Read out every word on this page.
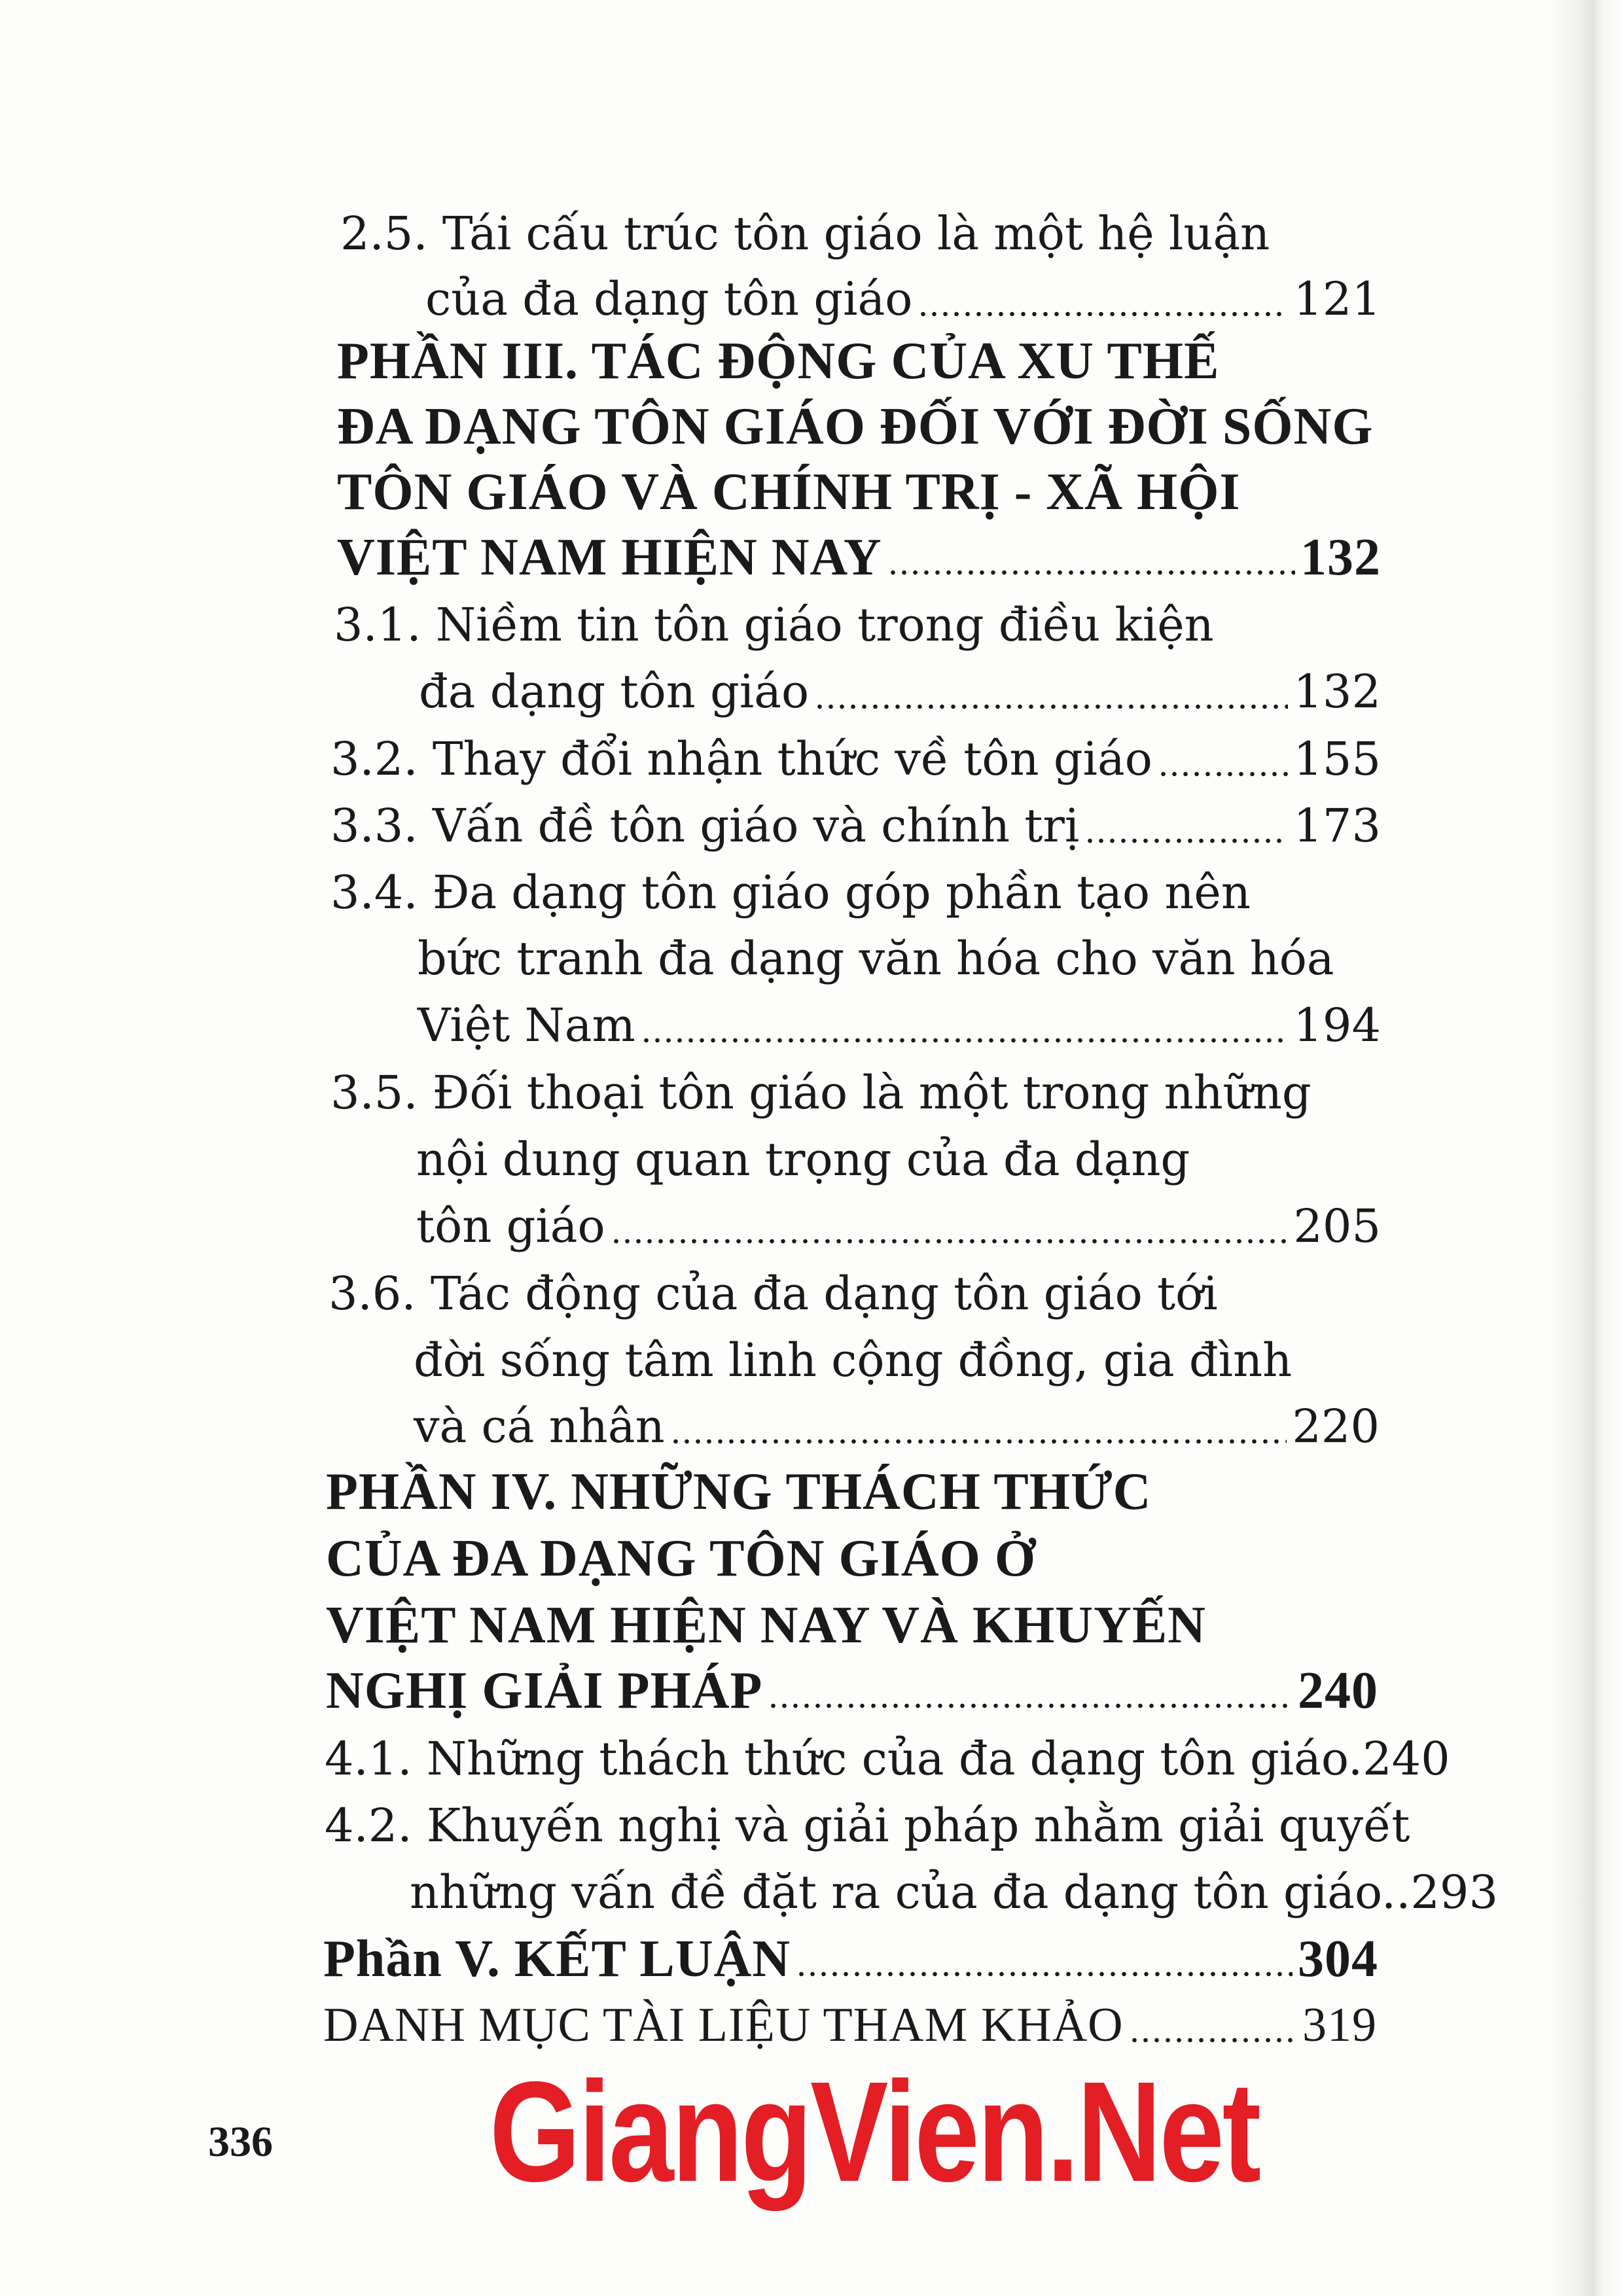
2.5. Tái cấu trúc tôn giáo là một hệ luận
của đa dạng tôn giáo	121
PHẦN III. TÁC ĐỘNG CỦA XU THẾ
ĐA DẠNG TÔN GIÁO ĐỐI VỚI ĐỜI SỐNG
TÔN GIÁO VÀ CHÍNH TRỊ - XÃ HỘI
VIỆT NAM HIỆN NAY	132
3.1. Niềm tin tôn giáo trong điều kiện
đa dạng tôn giáo	132
3.2. Thay đổi nhận thức về tôn giáo	155
3.3. Vấn đề tôn giáo và chính trị	173
3.4. Đa dạng tôn giáo góp phần tạo nên
bức tranh đa dạng văn hóa cho văn hóa
Việt Nam	194
3.5. Đối thoại tôn giáo là một trong những
nội dung quan trọng của đa dạng
tôn giáo	205
3.6. Tác động của đa dạng tôn giáo tới
đời sống tâm linh cộng đồng, gia đình
và cá nhân	220
PHẦN IV. NHỮNG THÁCH THỨC
CỦA ĐA DẠNG TÔN GIÁO Ở
VIỆT NAM HIỆN NAY VÀ KHUYẾN
NGHỊ GIẢI PHÁP	240
4.1. Những thách thức của đa dạng tôn giáo. 240
4.2. Khuyến nghị và giải pháp nhằm giải quyết
những vấn đề đặt ra của đa dạng tôn giáo.. 293
Phần V. KẾT LUẬN	304
DANH MỤC TÀI LIỆU THAM KHẢO	319
336 GiangVien.Net
